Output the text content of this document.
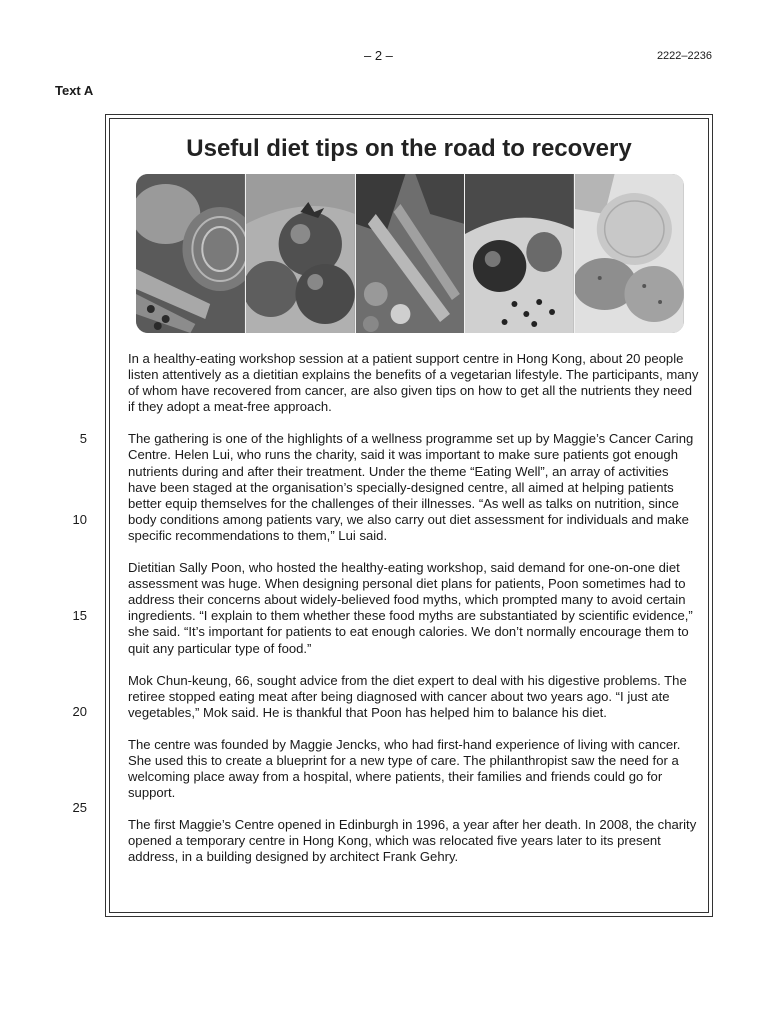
– 2 –	2222–2236
Text A
Useful diet tips on the road to recovery
5
10
15
20
25

In a healthy-eating workshop session at a patient support centre in Hong Kong, about 20 people listen attentively as a dietitian explains the benefits of a vegetarian lifestyle. The participants, many of whom have recovered from cancer, are also given tips on how to get all the nutrients they need if they adopt a meat-free approach.

The gathering is one of the highlights of a wellness programme set up by Maggie’s Cancer Caring Centre. Helen Lui, who runs the charity, said it was important to make sure patients got enough nutrients during and after their treatment. Under the theme “Eating Well”, an array of activities have been staged at the organisation’s specially-designed centre, all aimed at helping patients better equip themselves for the challenges of their illnesses. “As well as talks on nutrition, since body conditions among patients vary, we also carry out diet assessment for individuals and make specific recommendations to them,” Lui said.

Dietitian Sally Poon, who hosted the healthy-eating workshop, said demand for one-on-one diet assessment was huge. When designing personal diet plans for patients, Poon sometimes had to address their concerns about widely-believed food myths, which prompted many to avoid certain ingredients. “I explain to them whether these food myths are substantiated by scientific evidence,” she said. “It’s important for patients to eat enough calories. We don’t normally encourage them to quit any particular type of food.”

Mok Chun-keung, 66, sought advice from the diet expert to deal with his digestive problems. The retiree stopped eating meat after being diagnosed with cancer about two years ago. “I just ate vegetables,” Mok said. He is thankful that Poon has helped him to balance his diet.

The centre was founded by Maggie Jencks, who had first-hand experience of living with cancer. She used this to create a blueprint for a new type of care. The philanthropist saw the need for a welcoming place away from a hospital, where patients, their families and friends could go for support.

The first Maggie’s Centre opened in Edinburgh in 1996, a year after her death. In 2008, the charity opened a temporary centre in Hong Kong, which was relocated five years later to its present address, in a building designed by architect Frank Gehry.
